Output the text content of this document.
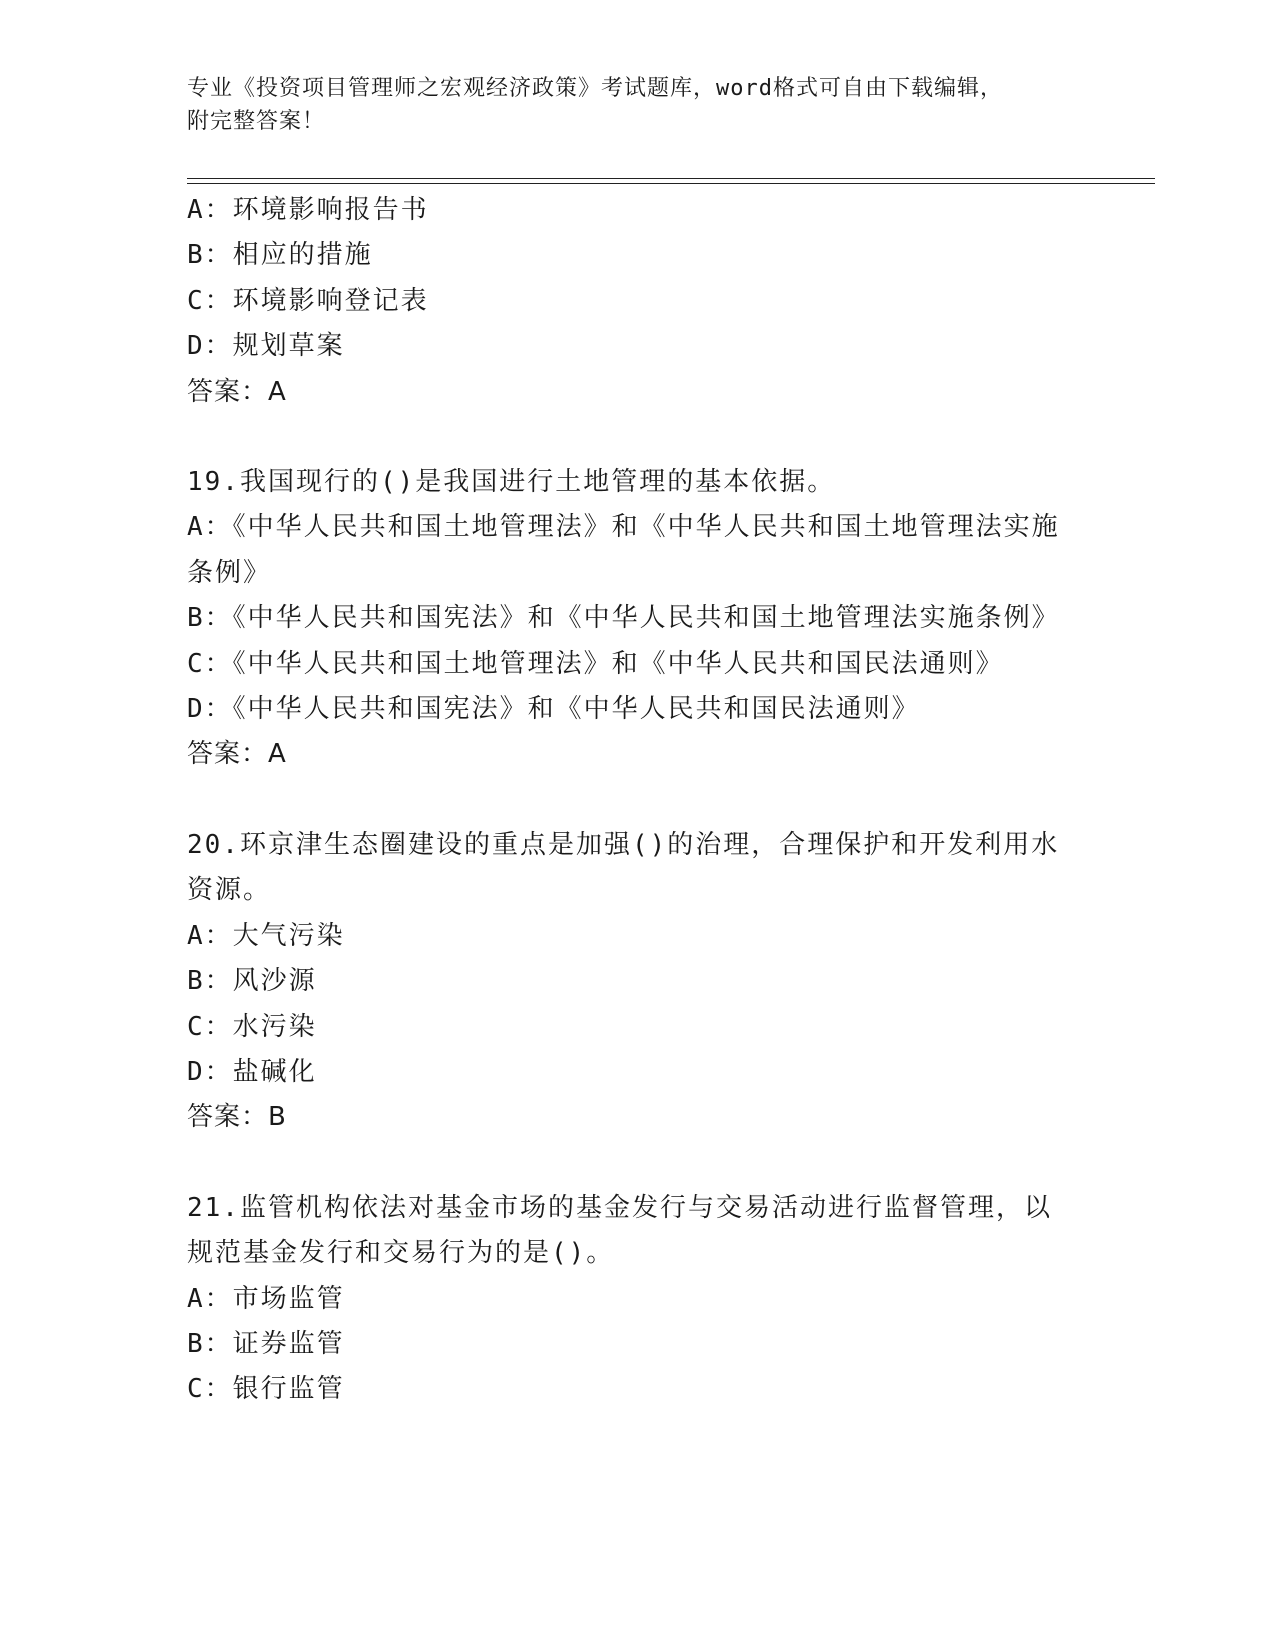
专业《投资项目管理师之宏观经济政策》考试题库，word格式可自由下载编辑，
附完整答案！
A：环境影响报告书
B：相应的措施
C：环境影响登记表
D：规划草案
答案：A
19.我国现行的()是我国进行土地管理的基本依据。
A：《中华人民共和国土地管理法》和《中华人民共和国土地管理法实施条例》
B：《中华人民共和国宪法》和《中华人民共和国土地管理法实施条例》
C：《中华人民共和国土地管理法》和《中华人民共和国民法通则》
D：《中华人民共和国宪法》和《中华人民共和国民法通则》
答案：A
20.环京津生态圈建设的重点是加强()的治理，合理保护和开发利用水资源。
A：大气污染
B：风沙源
C：水污染
D：盐碱化
答案：B
21.监管机构依法对基金市场的基金发行与交易活动进行监督管理，以规范基金发行和交易行为的是()。
A：市场监管
B：证券监管
C：银行监管
